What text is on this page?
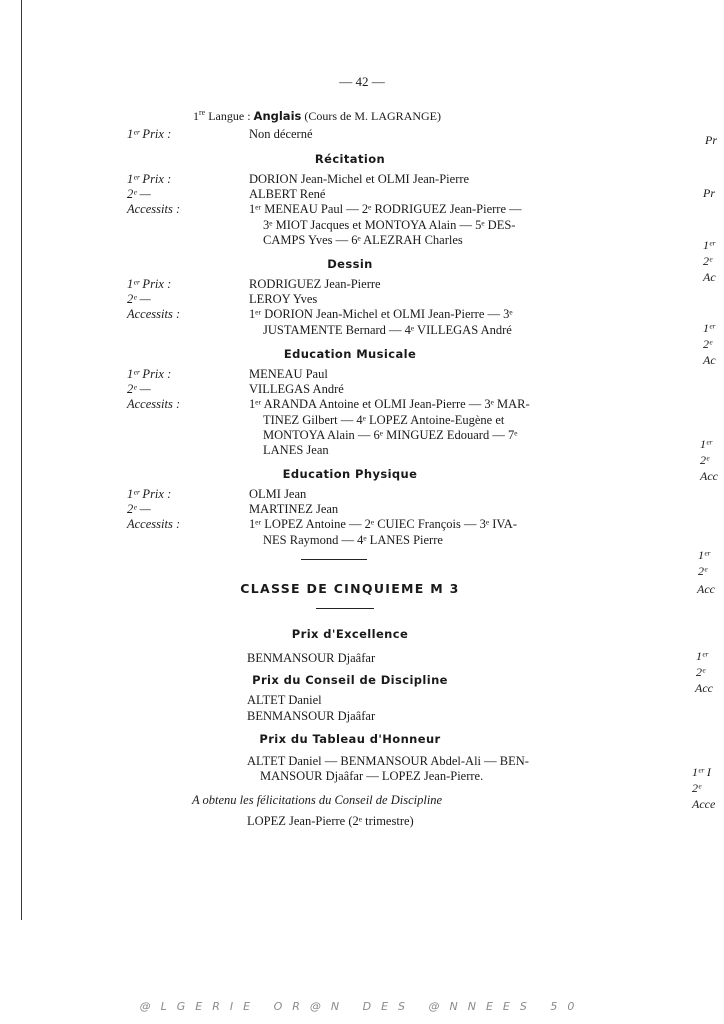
— 42 —
1re Langue : Anglais (Cours de M. LAGRANGE)
1ᵉʳ Prix :	Non décerné
Récitation
1ᵉʳ Prix :	DORION Jean-Michel et OLMI Jean-Pierre
2ᵉ —	ALBERT René
Accessits :	1ᵉʳ MENEAU Paul — 2ᵉ RODRIGUEZ Jean-Pierre —
3ᵉ MIOT Jacques et MONTOYA Alain — 5ᵉ DES-
CAMPS Yves — 6ᵉ ALEZRAH Charles
Dessin
1ᵉʳ Prix :	RODRIGUEZ Jean-Pierre
2ᵉ —	LEROY Yves
Accessits :	1ᵉʳ DORION Jean-Michel et OLMI Jean-Pierre — 3ᵉ
JUSTAMENTE Bernard — 4ᵉ VILLEGAS André
Education Musicale
1ᵉʳ Prix :	MENEAU Paul
2ᵉ —	VILLEGAS André
Accessits :	1ᵉʳ ARANDA Antoine et OLMI Jean-Pierre — 3ᵉ MAR-
TINEZ Gilbert — 4ᵉ LOPEZ Antoine-Eugène et
MONTOYA Alain — 6ᵉ MINGUEZ Edouard — 7ᵉ
LANES Jean
Education Physique
1ᵉʳ Prix :	OLMI Jean
2ᵉ —	MARTINEZ Jean
Accessits :	1ᵉʳ LOPEZ Antoine — 2ᵉ CUIEC François — 3ᵉ IVA-
NES Raymond — 4ᵉ LANES Pierre
CLASSE DE CINQUIEME M 3
Prix d'Excellence
BENMANSOUR Djaâfar
Prix du Conseil de Discipline
ALTET Daniel
BENMANSOUR Djaâfar
Prix du Tableau d'Honneur
ALTET Daniel — BENMANSOUR Abdel-Ali — BEN-
MANSOUR Djaâfar — LOPEZ Jean-Pierre.
A obtenu les félicitations du Conseil de Discipline
LOPEZ Jean-Pierre (2ᵉ trimestre)
Pr
Pr
1ᵉʳ
2ᵉ
Ac
1ᵉʳ
2ᵉ
Ac
1ᵉʳ
2ᵉ
Acc
1ᵉʳ
2ᵉ
Acc
1ᵉʳ
2ᵉ
Acc
1ᵉʳ I
2ᵉ
Acce
@LGERIE OR@N DES @NNEES 50
